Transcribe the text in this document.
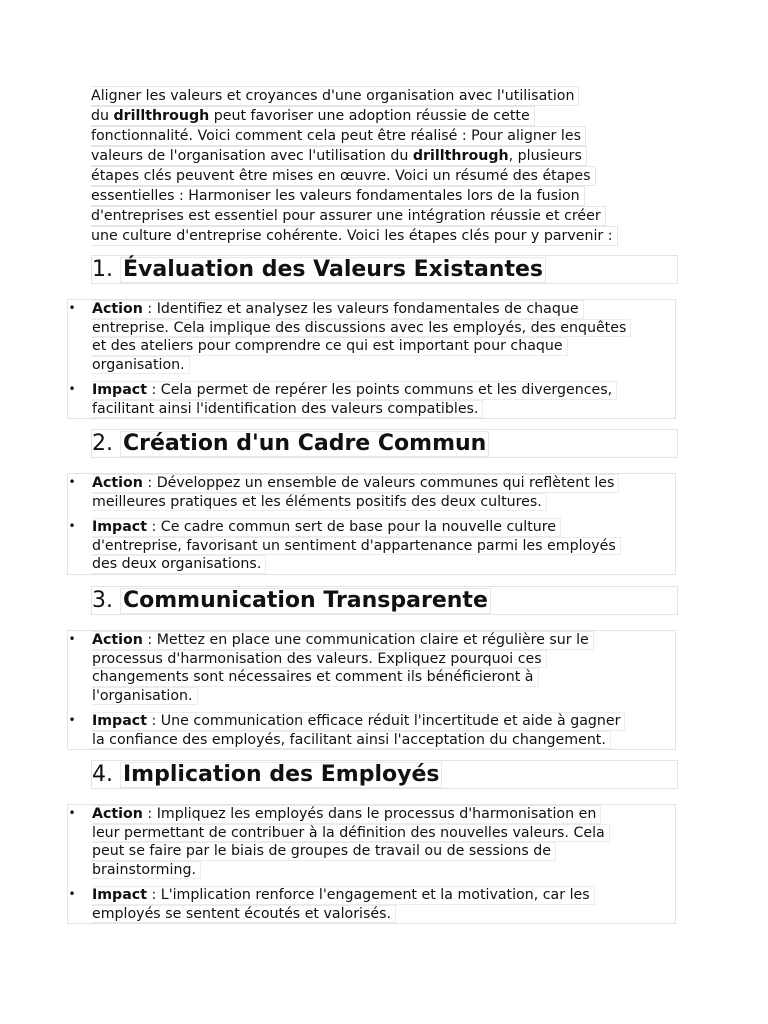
Aligner les valeurs et croyances d'une organisation avec l'utilisation
du drillthrough peut favoriser une adoption réussie de cette
fonctionnalité. Voici comment cela peut être réalisé : Pour aligner les
valeurs de l'organisation avec l'utilisation du drillthrough, plusieurs
étapes clés peuvent être mises en œuvre. Voici un résumé des étapes
essentielles : Harmoniser les valeurs fondamentales lors de la fusion
d'entreprises est essentiel pour assurer une intégration réussie et créer
une culture d'entreprise cohérente. Voici les étapes clés pour y parvenir :
1. Évaluation des Valeurs Existantes
• Action : Identifiez et analysez les valeurs fondamentales de chaque
entreprise. Cela implique des discussions avec les employés, des enquêtes
et des ateliers pour comprendre ce qui est important pour chaque
organisation.
• Impact : Cela permet de repérer les points communs et les divergences,
facilitant ainsi l'identification des valeurs compatibles.
2. Création d'un Cadre Commun
• Action : Développez un ensemble de valeurs communes qui reflètent les
meilleures pratiques et les éléments positifs des deux cultures.
• Impact : Ce cadre commun sert de base pour la nouvelle culture
d'entreprise, favorisant un sentiment d'appartenance parmi les employés
des deux organisations.
3. Communication Transparente
• Action : Mettez en place une communication claire et régulière sur le
processus d'harmonisation des valeurs. Expliquez pourquoi ces
changements sont nécessaires et comment ils bénéficieront à
l'organisation.
• Impact : Une communication efficace réduit l'incertitude et aide à gagner
la confiance des employés, facilitant ainsi l'acceptation du changement.
4. Implication des Employés
• Action : Impliquez les employés dans le processus d'harmonisation en
leur permettant de contribuer à la définition des nouvelles valeurs. Cela
peut se faire par le biais de groupes de travail ou de sessions de
brainstorming.
• Impact : L'implication renforce l'engagement et la motivation, car les
employés se sentent écoutés et valorisés.
